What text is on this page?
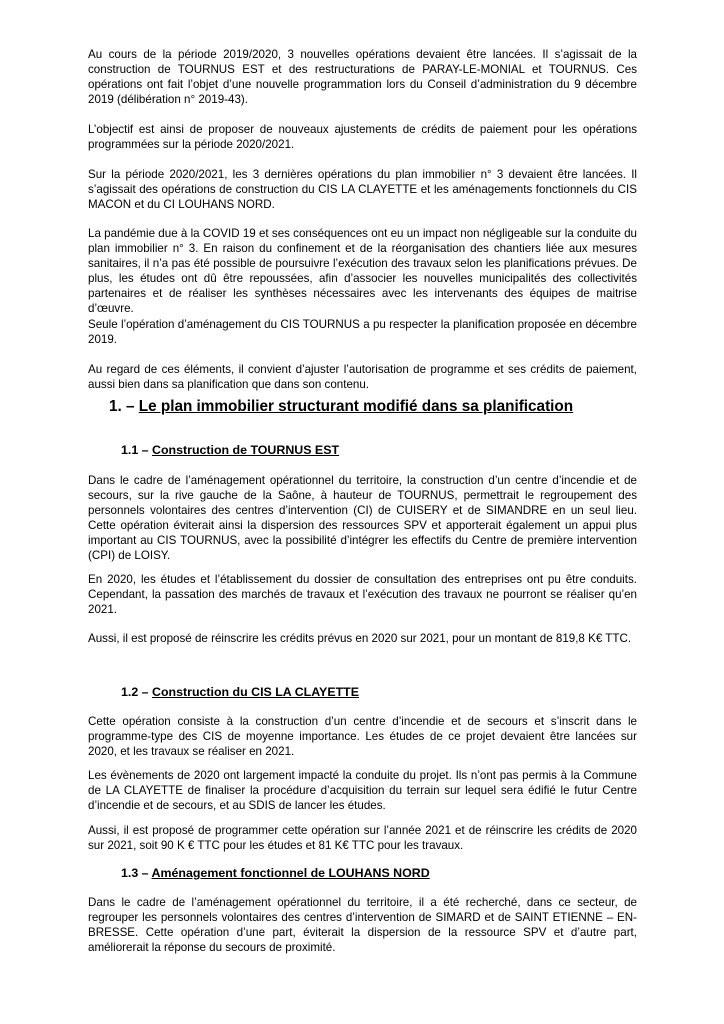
Au cours de la période 2019/2020, 3 nouvelles opérations devaient être lancées. Il s’agissait de la construction de TOURNUS EST et des restructurations de PARAY-LE-MONIAL et TOURNUS. Ces opérations ont fait l’objet d’une nouvelle programmation lors du Conseil d’administration du 9 décembre 2019 (délibération n° 2019-43).

L’objectif est ainsi de proposer de nouveaux ajustements de crédits de paiement pour les opérations programmées sur la période 2020/2021.

Sur la période 2020/2021, les 3 dernières opérations du plan immobilier n° 3 devaient être lancées. Il s’agissait des opérations de construction du CIS LA CLAYETTE et les aménagements fonctionnels du CIS MACON et du CI LOUHANS NORD.

La pandémie due à la COVID 19 et ses conséquences ont eu un impact non négligeable sur la conduite du plan immobilier n° 3. En raison du confinement et de la réorganisation des chantiers liée aux mesures sanitaires, il n’a pas été possible de poursuivre l’exécution des travaux selon les planifications prévues. De plus, les études ont dû être repoussées, afin d’associer les nouvelles municipalités des collectivités partenaires et de réaliser les synthèses nécessaires avec les intervenants des équipes de maitrise d’œuvre.

Seule l’opération d’aménagement du CIS TOURNUS a pu respecter la planification proposée en décembre 2019.

Au regard de ces éléments, il convient d’ajuster l’autorisation de programme et ses crédits de paiement, aussi bien dans sa planification que dans son contenu.

1. – Le plan immobilier structurant modifié dans sa planification
1.1 – Construction de TOURNUS EST

Dans le cadre de l’aménagement opérationnel du territoire, la construction d’un centre d’incendie et de secours, sur la rive gauche de la Saône, à hauteur de TOURNUS, permettrait le regroupement des personnels volontaires des centres d’intervention (CI) de CUISERY et de SIMANDRE en un seul lieu. Cette opération éviterait ainsi la dispersion des ressources SPV et apporterait également un appui plus important au CIS TOURNUS, avec la possibilité d’intégrer les effectifs du Centre de première intervention (CPI) de LOISY.

En 2020, les études et l’établissement du dossier de consultation des entreprises ont pu être conduits. Cependant, la passation des marchés de travaux et l’exécution des travaux ne pourront se réaliser qu’en 2021.

Aussi, il est proposé de réinscrire les crédits prévus en 2020 sur 2021, pour un montant de 819,8 K€ TTC.

1.2 – Construction du CIS LA CLAYETTE

Cette opération consiste à la construction d’un centre d’incendie et de secours et s’inscrit dans le programme-type des CIS de moyenne importance. Les études de ce projet devaient être lancées sur 2020, et les travaux se réaliser en 2021.

Les évènements de 2020 ont largement impacté la conduite du projet. Ils n’ont pas permis à la Commune de LA CLAYETTE de finaliser la procédure d’acquisition du terrain sur lequel sera édifié le futur Centre d’incendie et de secours, et au SDIS de lancer les études.

Aussi, il est proposé de programmer cette opération sur l’année 2021 et de réinscrire les crédits de 2020 sur 2021, soit 90 K € TTC pour les études et 81 K€ TTC pour les travaux.

1.3 – Aménagement fonctionnel de LOUHANS NORD

Dans le cadre de l’aménagement opérationnel du territoire, il a été recherché, dans ce secteur, de regrouper les personnels volontaires des centres d’intervention de SIMARD et de SAINT ETIENNE – EN-BRESSE. Cette opération d’une part, éviterait la dispersion de la ressource SPV et d’autre part, améliorerait la réponse du secours de proximité.
